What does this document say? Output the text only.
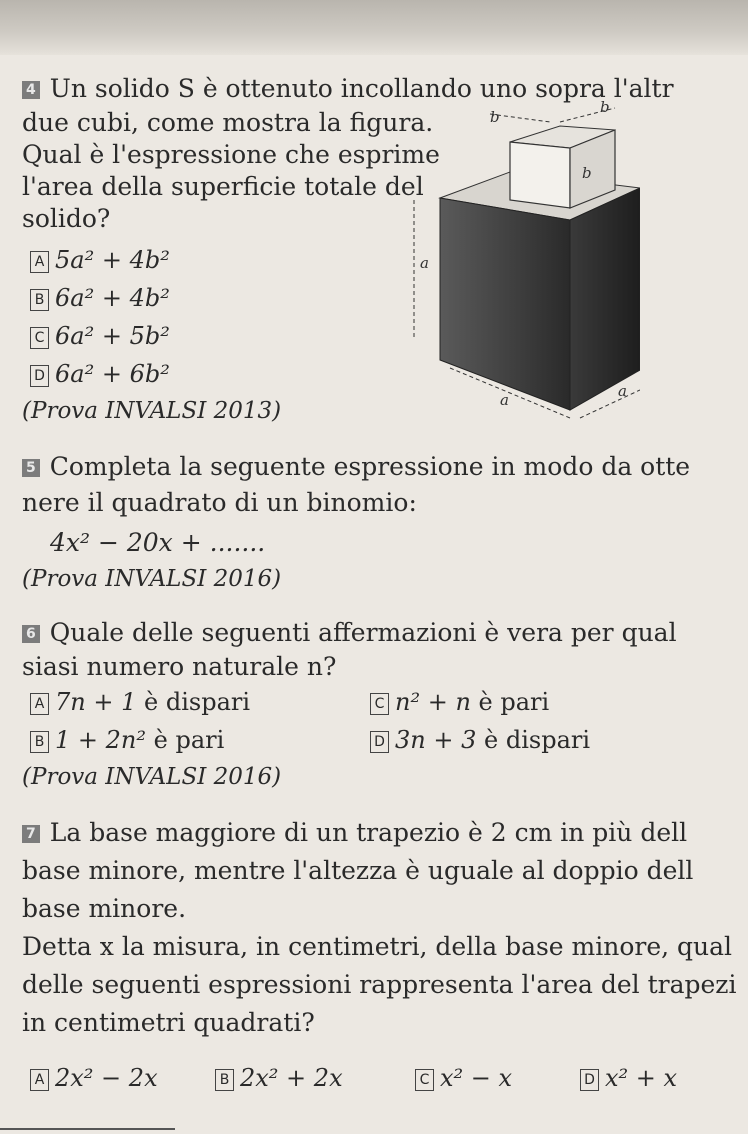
4 Un solido S è ottenuto incollando uno sopra l'altr
due cubi, come mostra la figura.
Qual è l'espressione che esprime
l'area della superficie totale del
solido?
A 5a² + 4b²
B 6a² + 4b²
C 6a² + 5b²
D 6a² + 6b²
(Prova INVALSI 2013)
b
b
b
a
a	a
5 Completa la seguente espressione in modo da otte
nere il quadrato di un binomio:
4x² − 20x + .......
(Prova INVALSI 2016)
6 Quale delle seguenti affermazioni è vera per qual
siasi numero naturale n?
A 7n + 1 è dispari
B 1 + 2n² è pari
C n² + n è pari
D 3n + 3 è dispari
(Prova INVALSI 2016)
7 La base maggiore di un trapezio è 2 cm in più dell
base minore, mentre l'altezza è uguale al doppio dell
base minore.
Detta x la misura, in centimetri, della base minore, qual
delle seguenti espressioni rappresenta l'area del trapezi
in centimetri quadrati?
A 2x² − 2x	B 2x² + 2x	C x² − x	D x² + x
